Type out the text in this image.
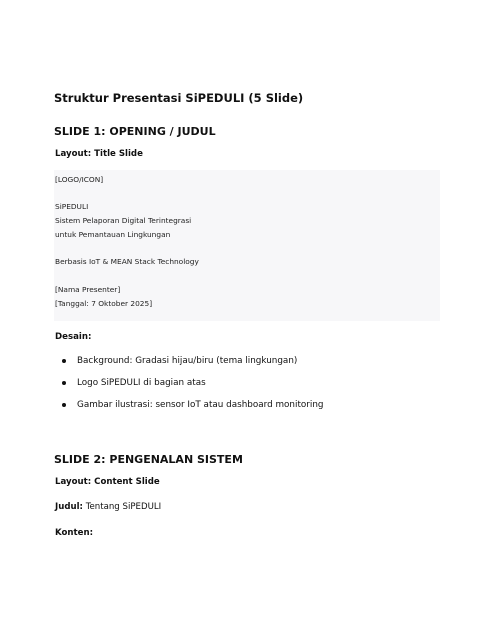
Struktur Presentasi SiPEDULI (5 Slide)
SLIDE 1: OPENING / JUDUL
Layout: Title Slide
[LOGO/ICON]
SiPEDULI
Sistem Pelaporan Digital Terintegrasi
untuk Pemantauan Lingkungan
Berbasis IoT & MEAN Stack Technology
[Nama Presenter]
[Tanggal: 7 Oktober 2025]
Desain:
Background: Gradasi hijau/biru (tema lingkungan)
Logo SiPEDULI di bagian atas
Gambar ilustrasi: sensor IoT atau dashboard monitoring
SLIDE 2: PENGENALAN SISTEM
Layout: Content Slide
Judul: Tentang SiPEDULI
Konten:
